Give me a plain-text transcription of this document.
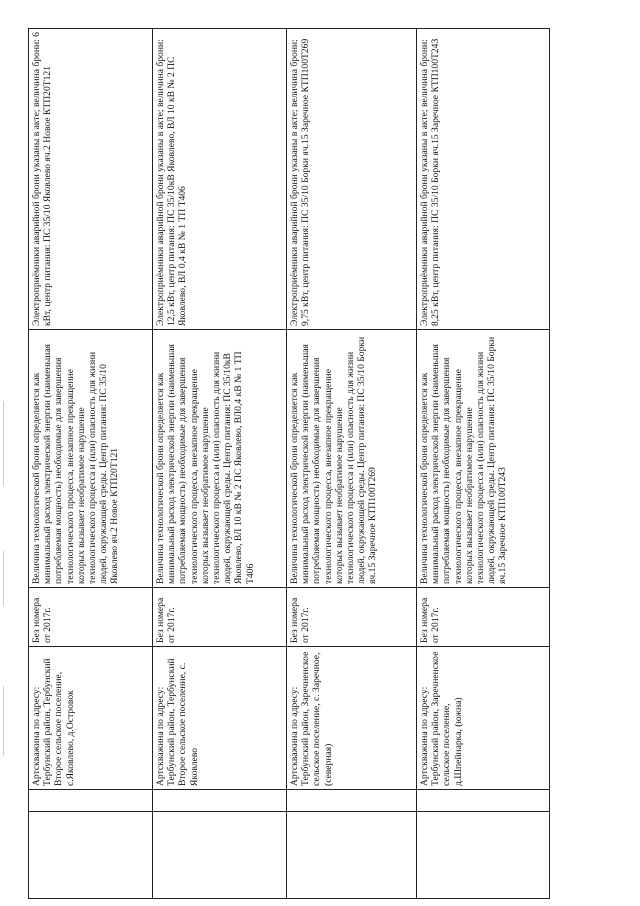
		Артскважина по адресу: Тербунский район, Тербунский Второе сельское поселение, с.Яковлево, д.Островок	Без номера от 2017г.	Величина технологической брони определяется как минимальный расход электрической энергии (наименьшая потребляемая мощность) необходимые для завершения технологического процесса, внезапное прекращение которых вызывает необратимое нарушение технологического процесса и (или) опасность для жизни людей, окружающей среды. Центр питания: ПС 35/10 Яковлево яч.2 Новое КТП20Т121	Электроприёмники аварийной брони указаны в акте; величина брони: 6 кВт, центр питания: ПС 35/10 Яковлево яч.2 Новое КТП20Т121
		Артскважина по адресу: Тербунский район, Тербунский Второе сельское поселение, с. Яковлево	Без номера от 2017г.	Величина технологической брони определяется как минимальный расход электрической энергии (наименьшая потребляемая мощность) необходимые для завершения технологического процесса, внезапное прекращение которых вызывает необратимое нарушение технологического процесса и (или) опасность для жизни людей, окружающей среды. Центр питания: ПС 35/10кВ Яковлево, ВЛ 10 кВ № 2 ПС Яковлево, ВЛ0,4 кВ № 1 ТП Т406	Электроприёмники аварийной брони указаны в акте; величина брони: 12,5 кВт, центр питания: ПС 35/10кВ Яковлево, ВЛ 10 кВ № 2 ПС Яковлево, ВЛ 0,4 кВ № 1 ТП Т406
		Артскважина по адресу: Тербунский район, Заречненское сельское поселение, с. Заречное, (северная)	Без номера от 2017г.	Величина технологической брони определяется как минимальный расход электрической энергии (наименьшая потребляемая мощность) необходимые для завершения технологического процесса, внезапное прекращение которых вызывает необратимое нарушение технологического процесса и (или) опасность для жизни людей, окружающей среды. Центр питания: ПС 35/10 Борки яч.15 Заречное КТП100Т269	Электроприёмники аварийной брони указаны в акте; величина брони: 9,75 кВт, центр питания: ПС 35/10 Борки яч.15 Заречное КТП100Т269
		Артскважина по адресу: Тербунский район, Заречненское сельское поселение, д.Шпейнарка, (южна)	Без номера от 2017г.	Величина технологической брони определяется как минимальный расход электрической энергии (наименьшая потребляемая мощность) необходимые для завершения технологического процесса, внезапное прекращение которых вызывает необратимое нарушение технологического процесса и (или) опасность для жизни людей, окружающей среды. Центр питания: ПС 35/10 Борки яч.15 Заречное КТП100Т243	Электроприёмники аварийной брони указаны в акте; величина брони: 8,25 кВт, центр питания: ПС 35/10 Борки яч.15 Заречное КТП100Т243
